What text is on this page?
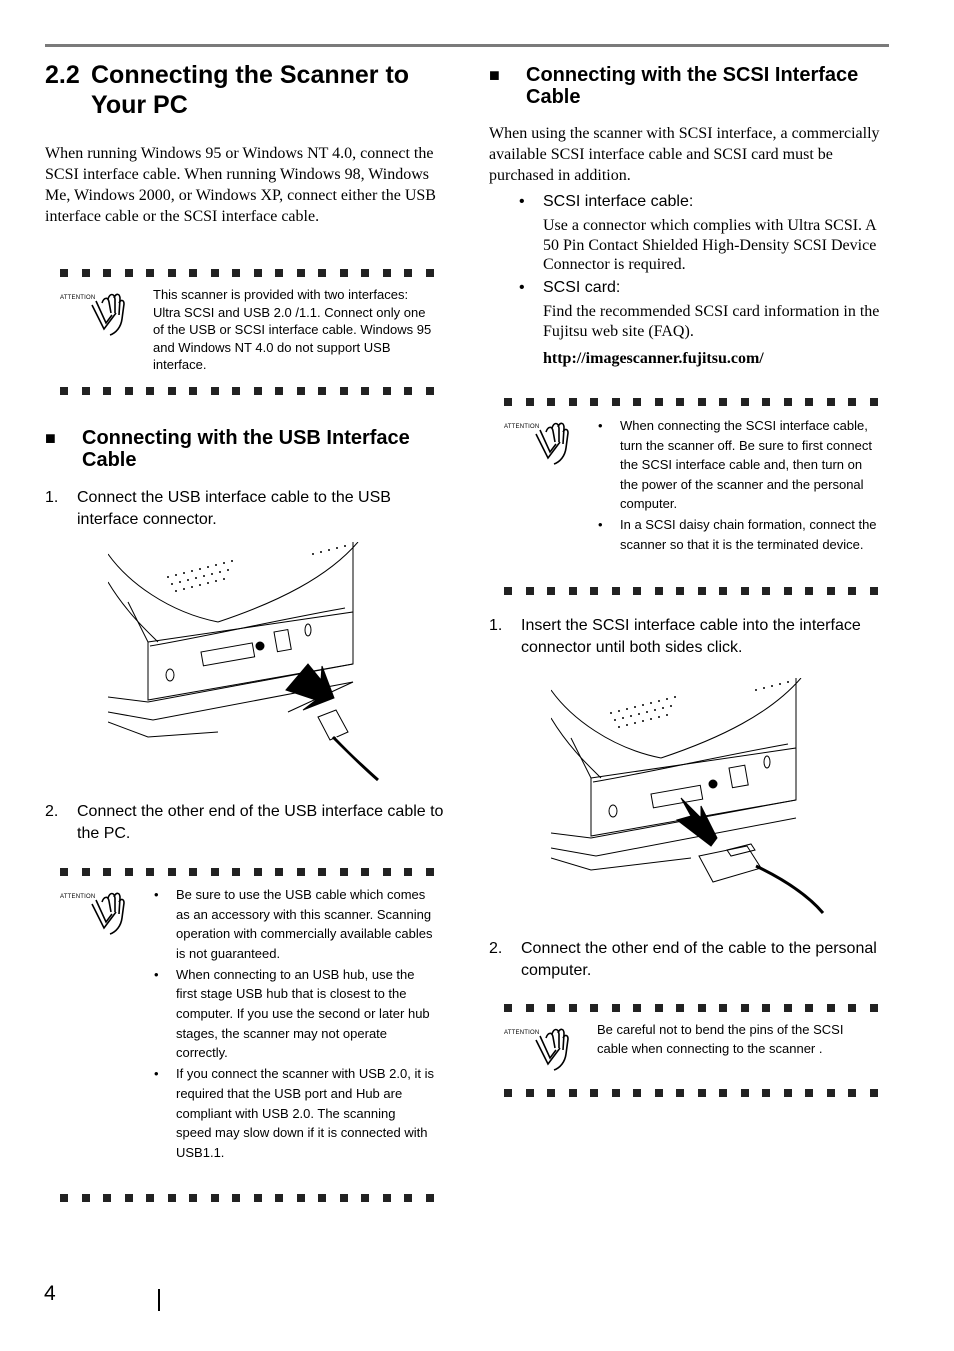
2.2 Connecting the Scanner to
Your PC
When running Windows 95 or Windows NT 4.0, connect the SCSI interface cable. When running Windows 98, Windows Me, Windows 2000, or Windows XP, connect either the USB interface cable or the SCSI interface cable.
ATTENTION	This scanner is provided with two interfaces: Ultra SCSI and USB 2.0 /1.1. Connect only one of the USB or SCSI interface cable. Windows 95 and Windows NT 4.0 do not support USB interface.
■	Connecting with the USB Interface Cable
1.	Connect the USB interface cable to the USB interface connector.
2.	Connect the other end of the USB interface cable to the PC.
ATTENTION	• Be sure to use the USB cable which comes as an accessory with this scanner. Scanning operation with commercially available cables is not guaranteed.
• When connecting to an USB hub, use the first stage USB hub that is closest to the computer. If you use the second or later hub stages, the scanner may not operate correctly.
• If you connect the scanner with USB 2.0, it is required that the USB port and Hub are compliant with USB 2.0. The scanning speed may slow down if it is connected with USB1.1.
■	Connecting with the SCSI Interface Cable
When using the scanner with SCSI interface, a commercially available SCSI interface cable and SCSI card must be purchased in addition.
•	SCSI interface cable:
Use a connector which complies with Ultra SCSI. A 50 Pin Contact Shielded High-Density SCSI Device Connector is required.
•	SCSI card:
Find the recommended SCSI card information in the Fujitsu web site (FAQ).
http://imagescanner.fujitsu.com/
ATTENTION	• When connecting the SCSI interface cable, turn the scanner off. Be sure to first connect the SCSI interface cable and, then turn on the power of the scanner and the personal computer.
• In a SCSI daisy chain formation, connect the scanner so that it is the terminated device.
1.	Insert the SCSI interface cable into the interface connector until both sides click.
2.	Connect the other end of the cable to the personal computer.
ATTENTION	Be careful not to bend the pins of the SCSI cable when connecting to the scanner .
4
